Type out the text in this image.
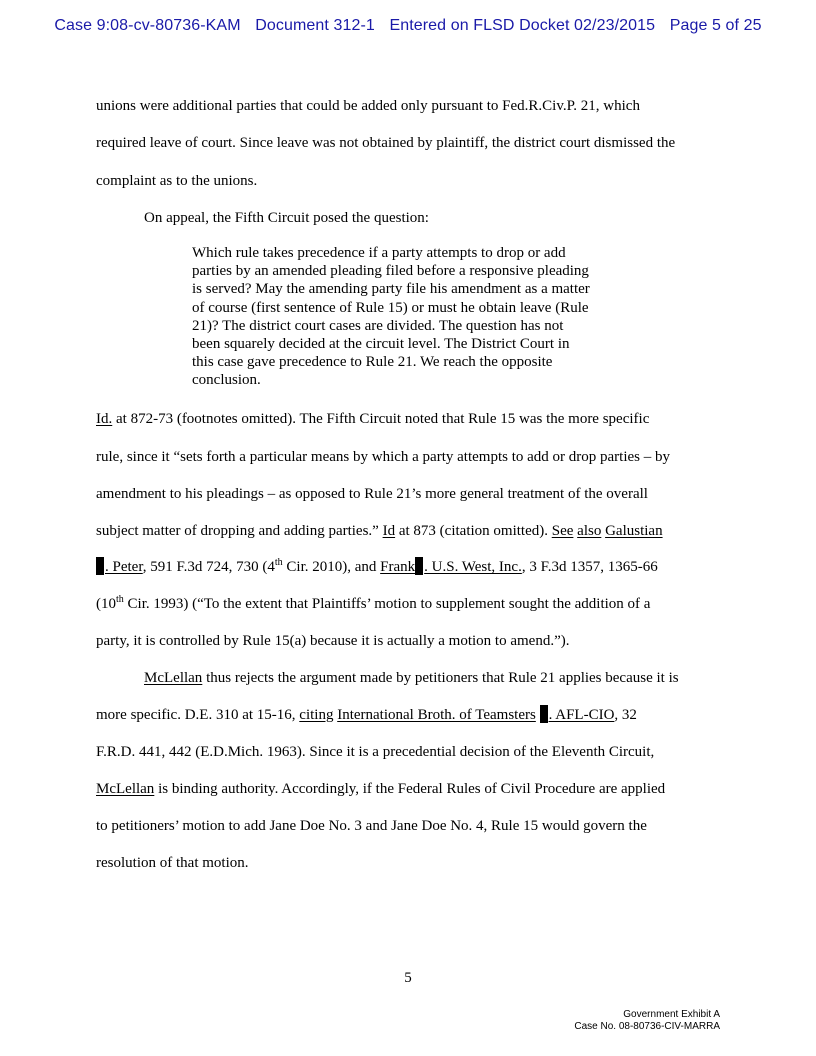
Case 9:08-cv-80736-KAM Document 312-1 Entered on FLSD Docket 02/23/2015 Page 5 of 25
unions were additional parties that could be added only pursuant to Fed.R.Civ.P. 21, which
required leave of court. Since leave was not obtained by plaintiff, the district court dismissed the
complaint as to the unions.
On appeal, the Fifth Circuit posed the question:
Which rule takes precedence if a party attempts to drop or add
parties by an amended pleading filed before a responsive pleading
is served? May the amending party file his amendment as a matter
of course (first sentence of Rule 15) or must he obtain leave (Rule
21)? The district court cases are divided. The question has not
been squarely decided at the circuit level. The District Court in
this case gave precedence to Rule 21. We reach the opposite
conclusion.
Id. at 872-73 (footnotes omitted). The Fifth Circuit noted that Rule 15 was the more specific
rule, since it “sets forth a particular means by which a party attempts to add or drop parties – by
amendment to his pleadings – as opposed to Rule 21’s more general treatment of the overall
subject matter of dropping and adding parties.” Id at 873 (citation omitted). See also Galustian
. Peter, 591 F.3d 724, 730 (4th Cir. 2010), and Frank . U.S. West, Inc., 3 F.3d 1357, 1365-66
(10th Cir. 1993) (“To the extent that Plaintiffs’ motion to supplement sought the addition of a
party, it is controlled by Rule 15(a) because it is actually a motion to amend.”).
McLellan thus rejects the argument made by petitioners that Rule 21 applies because it is
more specific. D.E. 310 at 15-16, citing International Broth. of Teamsters . AFL-CIO, 32
F.R.D. 441, 442 (E.D.Mich. 1963). Since it is a precedential decision of the Eleventh Circuit,
McLellan is binding authority. Accordingly, if the Federal Rules of Civil Procedure are applied
to petitioners’ motion to add Jane Doe No. 3 and Jane Doe No. 4, Rule 15 would govern the
resolution of that motion.
5
Government Exhibit A
Case No. 08-80736-CIV-MARRA
